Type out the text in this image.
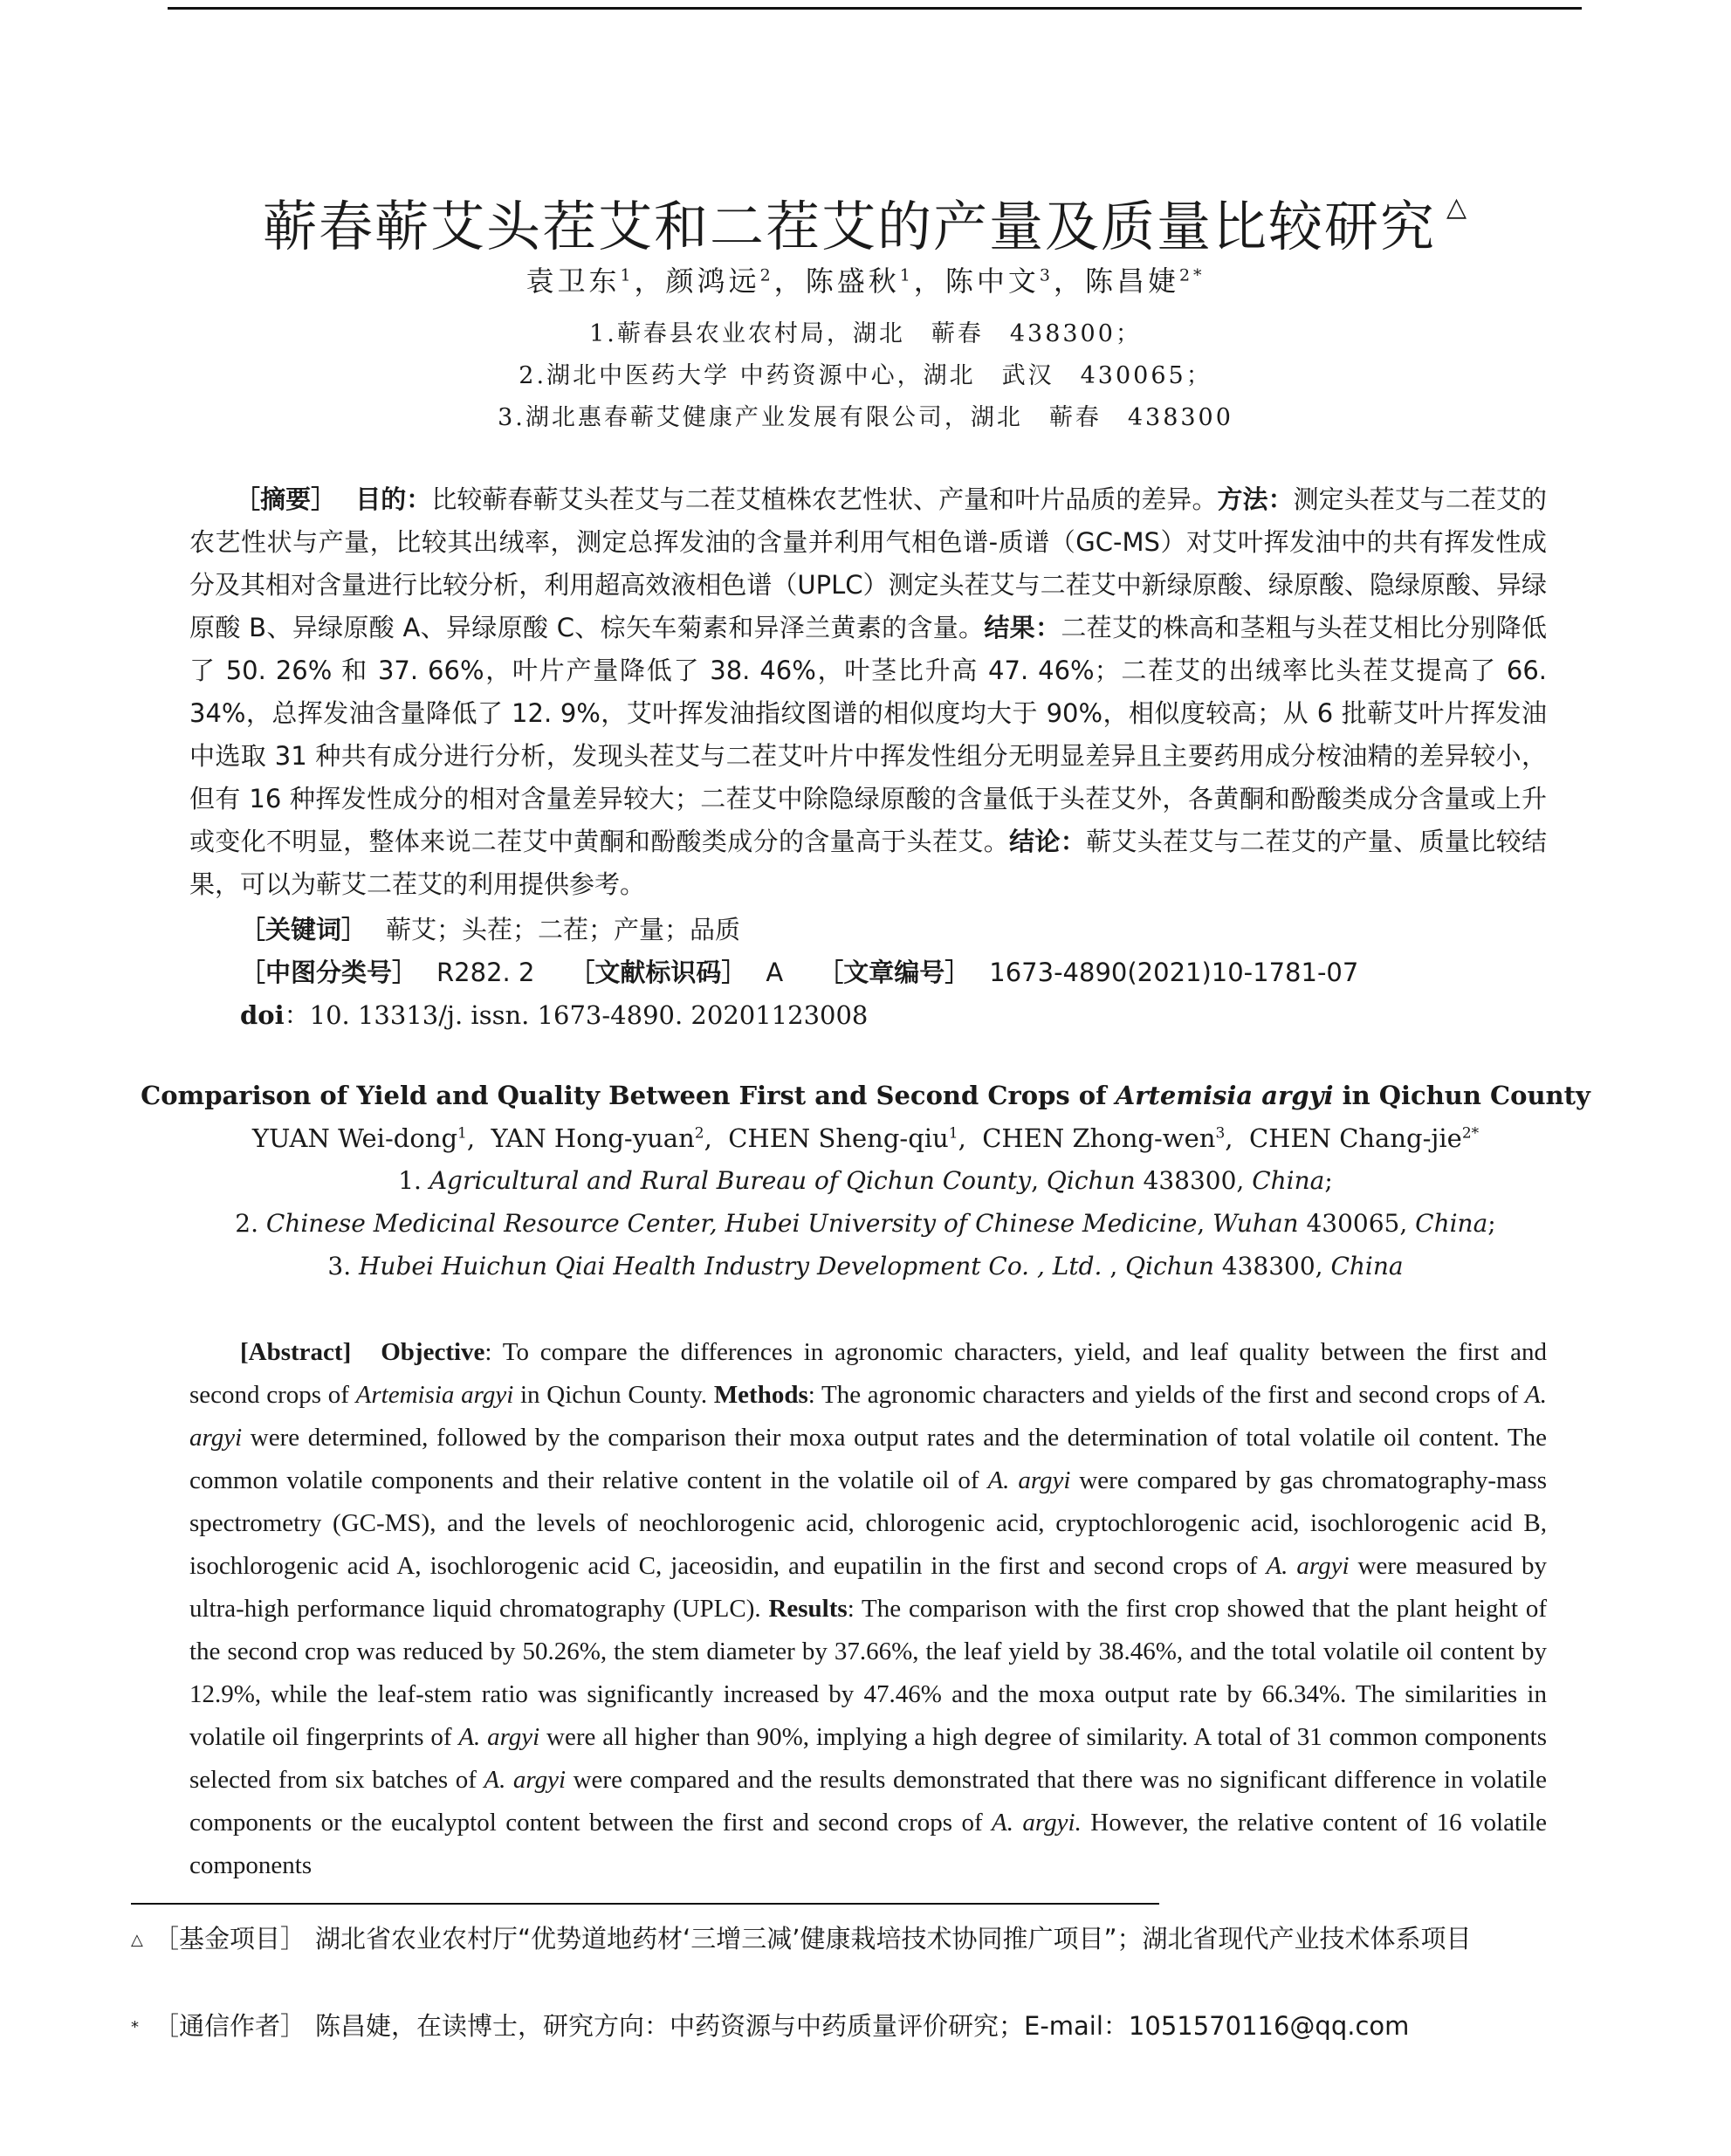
蕲春蕲艾头茬艾和二茬艾的产量及质量比较研究 △
袁卫东$^1$，颜鸿远$^2$，陈盛秋$^1$，陈中文$^3$，陈昌婕$^{2*}$
1.蕲春县农业农村局，湖北　蕲春　438300；
2.湖北中医药大学 中药资源中心，湖北　武汉　430065；
3.湖北惠春蕲艾健康产业发展有限公司，湖北　蕲春　438300
［摘要］ 目的：比较蕲春蕲艾头茬艾与二茬艾植株农艺性状、产量和叶片品质的差异。方法：测定头茬艾与二茬艾的农艺性状与产量，比较其出绒率，测定总挥发油的含量并利用气相色谱-质谱（GC-MS）对艾叶挥发油中的共有挥发性成分及其相对含量进行比较分析，利用超高效液相色谱（UPLC）测定头茬艾与二茬艾中新绿原酸、绿原酸、隐绿原酸、异绿原酸 B、异绿原酸 A、异绿原酸 C、棕矢车菊素和异泽兰黄素的含量。结果：二茬艾的株高和茎粗与头茬艾相比分别降低了 50. 26% 和 37. 66%，叶片产量降低了 38. 46%，叶茎比升高 47. 46%；二茬艾的出绒率比头茬艾提高了 66. 34%，总挥发油含量降低了 12. 9%，艾叶挥发油指纹图谱的相似度均大于 90%，相似度较高；从 6 批蕲艾叶片挥发油中选取 31 种共有成分进行分析，发现头茬艾与二茬艾叶片中挥发性组分无明显差异且主要药用成分桉油精的差异较小，但有 16 种挥发性成分的相对含量差异较大；二茬艾中除隐绿原酸的含量低于头茬艾外，各黄酮和酚酸类成分含量或上升或变化不明显，整体来说二茬艾中黄酮和酚酸类成分的含量高于头茬艾。结论：蕲艾头茬艾与二茬艾的产量、质量比较结果，可以为蕲艾二茬艾的利用提供参考。
［关键词］ 蕲艾；头茬；二茬；产量；品质
［中图分类号］ R282. 2 ［文献标识码］ A ［文章编号］ 1673-4890(2021)10-1781-07
doi：10. 13313/j. issn. 1673-4890. 20201123008
Comparison of Yield and Quality Between First and Second Crops of Artemisia argyi in Qichun County
YUAN Wei-dong$^1$,  YAN Hong-yuan$^2$,  CHEN Sheng-qiu$^1$,  CHEN Zhong-wen$^3$,  CHEN Chang-jie$^{2*}$
1. Agricultural and Rural Bureau of Qichun County, Qichun 438300, China;
2. Chinese Medicinal Resource Center, Hubei University of Chinese Medicine, Wuhan 430065, China;
3. Hubei Huichun Qiai Health Industry Development Co. , Ltd. , Qichun 438300, China
[Abstract] Objective: To compare the differences in agronomic characters, yield, and leaf quality between the first and second crops of Artemisia argyi in Qichun County. Methods: The agronomic characters and yields of the first and second crops of A. argyi were determined, followed by the comparison their moxa output rates and the determination of total volatile oil content. The common volatile components and their relative content in the volatile oil of A. argyi were compared by gas chromatography-mass spectrometry (GC-MS), and the levels of neochlorogenic acid, chlorogenic acid, cryptochlorogenic acid, isochlorogenic acid B, isochlorogenic acid A, isochlorogenic acid C, jaceosidin, and eupatilin in the first and second crops of A. argyi were measured by ultra-high performance liquid chromatography (UPLC). Results: The comparison with the first crop showed that the plant height of the second crop was reduced by 50.26%, the stem diameter by 37.66%, the leaf yield by 38.46%, and the total volatile oil content by 12.9%, while the leaf-stem ratio was significantly increased by 47.46% and the moxa output rate by 66.34%. The similarities in volatile oil fingerprints of A. argyi were all higher than 90%, implying a high degree of similarity. A total of 31 common components selected from six batches of A. argyi were compared and the results demonstrated that there was no significant difference in volatile components or the eucalyptol content between the first and second crops of A. argyi. However, the relative content of 16 volatile components
△ ［基金项目］ 湖北省农业农村厅“优势道地药材‘三增三减’健康栽培技术协同推广项目”；湖北省现代产业技术体系项目
* ［通信作者］ 陈昌婕，在读博士，研究方向：中药资源与中药质量评价研究；E-mail：1051570116@qq.com
